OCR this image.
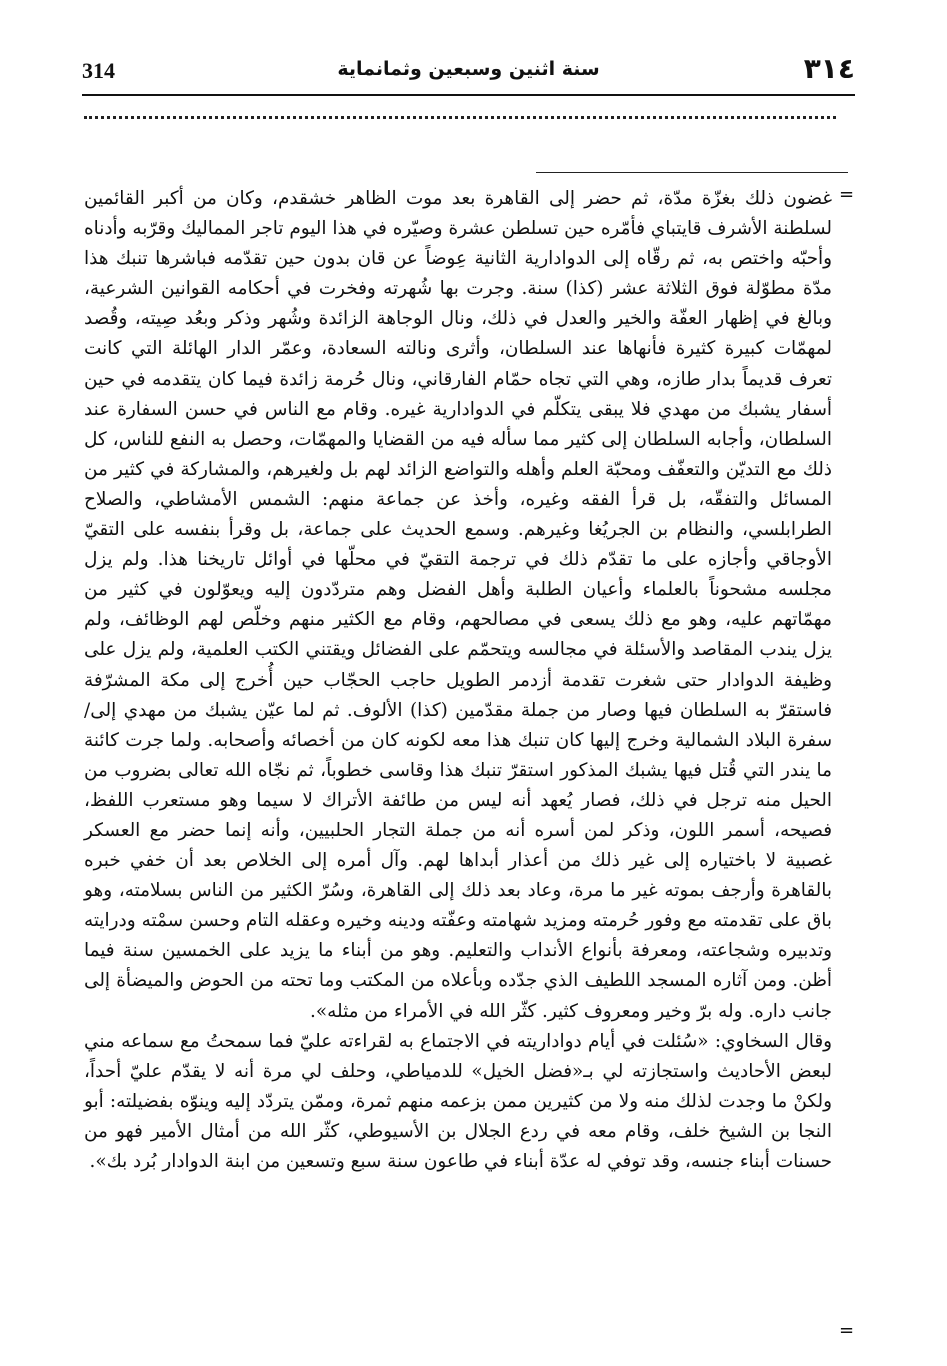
314	سنة اثنين وسبعين وثمانماية	٣١٤
=

غضون ذلك بغزّة مدّة، ثم حضر إلى القاهرة بعد موت الظاهر خشقدم، وكان من أكبر القائمين لسلطنة الأشرف قايتباي فأمّره حين تسلطن عشرة وصيّره في هذا اليوم تاجر المماليك وقرّبه وأدناه وأحبّه واختص به، ثم رقّاه إلى الدوادارية الثانية عِوضاً عن قان بدون حين تقدّمه فباشرها تنبك هذا مدّة مطوّلة فوق الثلاثة عشر (كذا) سنة. وجرت بها شُهرته وفخرت في أحكامه القوانين الشرعية، وبالغ في إظهار العفّة والخير والعدل في ذلك، ونال الوجاهة الزائدة وشُهر وذكر وبعُد صِيته، وقُصد لمهمّات كبيرة كثيرة فأنهاها عند السلطان، وأثرى ونالته السعادة، وعمّر الدار الهائلة التي كانت تعرف قديماً بدار طازه، وهي التي تجاه حمّام الفارقاني، ونال حُرمة زائدة فيما كان يتقدمه في حين أسفار يشبك من مهدي فلا يبقى يتكلّم في الدوادارية غيره. وقام مع الناس في حسن السفارة عند السلطان، وأجابه السلطان إلى كثير مما سأله فيه من القضايا والمهمّات، وحصل به النفع للناس، كل ذلك مع التديّن والتعفّف ومحبّة العلم وأهله والتواضع الزائد لهم بل ولغيرهم، والمشاركة في كثير من المسائل والتفقّه، بل قرأ الفقه وغيره، وأخذ عن جماعة منهم: الشمس الأمشاطي، والصلاح الطرابلسي، والنظام بن الجريُغا وغيرهم. وسمع الحديث على جماعة، بل وقرأ بنفسه على التقيّ الأوجاقي وأجازه على ما تقدّم ذلك في ترجمة التقيّ في محلّها في أوائل تاريخنا هذا. ولم يزل مجلسه مشحوناً بالعلماء وأعيان الطلبة وأهل الفضل وهم متردّدون إليه ويعوّلون في كثير من مهمّاتهم عليه، وهو مع ذلك يسعى في مصالحهم، وقام مع الكثير منهم وخلّص لهم الوظائف، ولم يزل يندب المقاصد والأسئلة في مجالسه ويتحمّم على الفضائل ويقتني الكتب العلمية، ولم يزل على وظيفة الدوادار حتى شغرت تقدمة أزدمر الطويل حاجب الحجّاب حين أُخرج إلى مكة المشرّفة فاستقرّ به السلطان فيها وصار من جملة مقدّمين (كذا) الألوف. ثم لما عيّن يشبك من مهدي إلى/سفرة البلاد الشمالية وخرج إليها كان تنبك هذا معه لكونه كان من أخصائه وأصحابه. ولما جرت كائنة ما يندر التي قُتل فيها يشبك المذكور استقرّ تنبك هذا وقاسى خطوباً، ثم نجّاه الله تعالى بضروب من الحيل منه ترجل في ذلك، فصار يُعهد أنه ليس من طائفة الأتراك لا سيما وهو مستعرب اللفظ، فصيحه، أسمر اللون، وذكر لمن أسره أنه من جملة التجار الحلبيين، وأنه إنما حضر مع العسكر غصبية لا باختياره إلى غير ذلك من أعذار أبداها لهم. وآل أمره إلى الخلاص بعد أن خفي خبره بالقاهرة وأرجف بموته غير ما مرة، وعاد بعد ذلك إلى القاهرة، وسُرّ الكثير من الناس بسلامته، وهو باق على تقدمته مع وفور حُرمته ومزيد شهامته وعفّته ودينه وخيره وعقله التام وحسن سمْته ودرايته وتدبيره وشجاعته، ومعرفة بأنواع الأنداب والتعليم. وهو من أبناء ما يزيد على الخمسين سنة فيما أظن. ومن آثاره المسجد اللطيف الذي جدّده وبأعلاه من المكتب وما تحته من الحوض والميضأة إلى جانب داره. وله برّ وخير ومعروف كثير. كثّر الله في الأمراء من مثله».

وقال السخاوي: «سُئلت في أيام دواداريته في الاجتماع به لقراءته عليّ فما سمحتُ مع سماعه مني لبعض الأحاديث واستجازته لي بـ«فضل الخيل» للدمياطي، وحلف لي مرة أنه لا يقدّم عليّ أحداً، ولكنْ ما وجدت لذلك منه ولا من كثيرين ممن بزعمه منهم ثمرة، وممّن يتردّد إليه وينوّه بفضيلته: أبو النجا بن الشيخ خلف، وقام معه في ردع الجلال بن الأسيوطي، كثّر الله من أمثال الأمير فهو من حسنات أبناء جنسه، وقد توفي له عدّة أبناء في طاعون سنة سبع وتسعين من ابنة الدوادار بُرد بك».

=
